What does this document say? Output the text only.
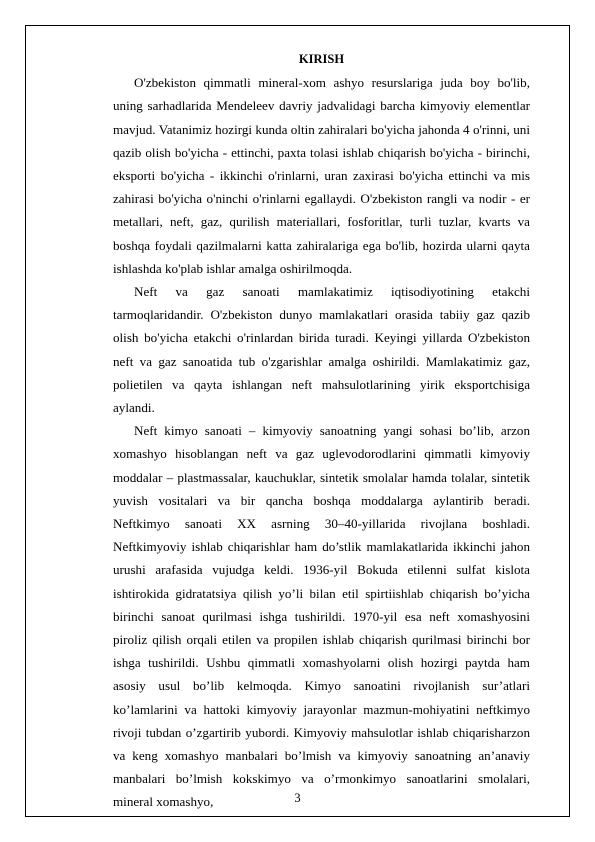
KIRISH

O'zbekiston qimmatli mineral-xom ashyo resurslariga juda boy bo'lib, uning sarhadlarida Mendeleev davriy jadvalidagi barcha kimyoviy elementlar mavjud. Vatanimiz hozirgi kunda oltin zahiralari bo'yicha jahonda 4 o'rinni, uni qazib olish bo'yicha - ettinchi, paxta tolasi ishlab chiqarish bo'yicha - birinchi, eksporti bo'yicha - ikkinchi o'rinlarni, uran zaxirasi bo'yicha ettinchi va mis zahirasi bo'yicha o'ninchi o'rinlarni egallaydi. O'zbekiston rangli va nodir - er metallari, neft, gaz, qurilish materiallari, fosforitlar, turli tuzlar, kvarts va boshqa foydali qazilmalarni katta zahiralariga ega bo'lib, hozirda ularni qayta ishlashda ko'plab ishlar amalga oshirilmoqda.

Neft va gaz sanoati mamlakatimiz iqtisodiyotining etakchi tarmoqlaridandir. O'zbekiston dunyo mamlakatlari orasida tabiiy gaz qazib olish bo'yicha etakchi o'rinlardan birida turadi. Keyingi yillarda O'zbekiston neft va gaz sanoatida tub o'zgarishlar amalga oshirildi. Mamlakatimiz gaz, polietilen va qayta ishlangan neft mahsulotlarining yirik eksportchisiga aylandi.

Neft kimyo sanoati – kimyoviy sanoatning yangi sohasi bo’lib, arzon xomashyo hisoblangan neft va gaz uglevodorodlarini qimmatli kimyoviy moddalar – plastmassalar, kauchuklar, sintetik smolalar hamda tolalar, sintetik yuvish vositalari va bir qancha boshqa moddalarga aylantirib beradi. Neftkimyo sanoati XX asrning 30–40-yillarida rivojlana boshladi. Neftkimyoviy ishlab chiqarishlar ham do’stlik mamlakatlarida ikkinchi jahon urushi arafasida vujudga keldi. 1936-yil Bokuda etilenni sulfat kislota ishtirokida gidratatsiya qilish yo’li bilan etil spirtiishlab chiqarish bo’yicha birinchi sanoat qurilmasi ishga tushirildi. 1970-yil esa neft xomashyosini piroliz qilish orqali etilen va propilen ishlab chiqarish qurilmasi birinchi bor ishga tushirildi. Ushbu qimmatli xomashyolarni olish hozirgi paytda ham asosiy usul bo’lib kelmoqda. Kimyo sanoatini rivojlanish sur’atlari ko’lamlarini va hattoki kimyoviy jarayonlar mazmun-mohiyatini neftkimyo rivoji tubdan o’zgartirib yubordi. Kimyoviy mahsulotlar ishlab chiqarisharzon va keng xomashyo manbalari bo’lmish va kimyoviy sanoatning an’anaviy manbalari bo’lmish kokskimyo va o’rmonkimyo sanoatlarini smolalari, mineral xomashyo,	3
